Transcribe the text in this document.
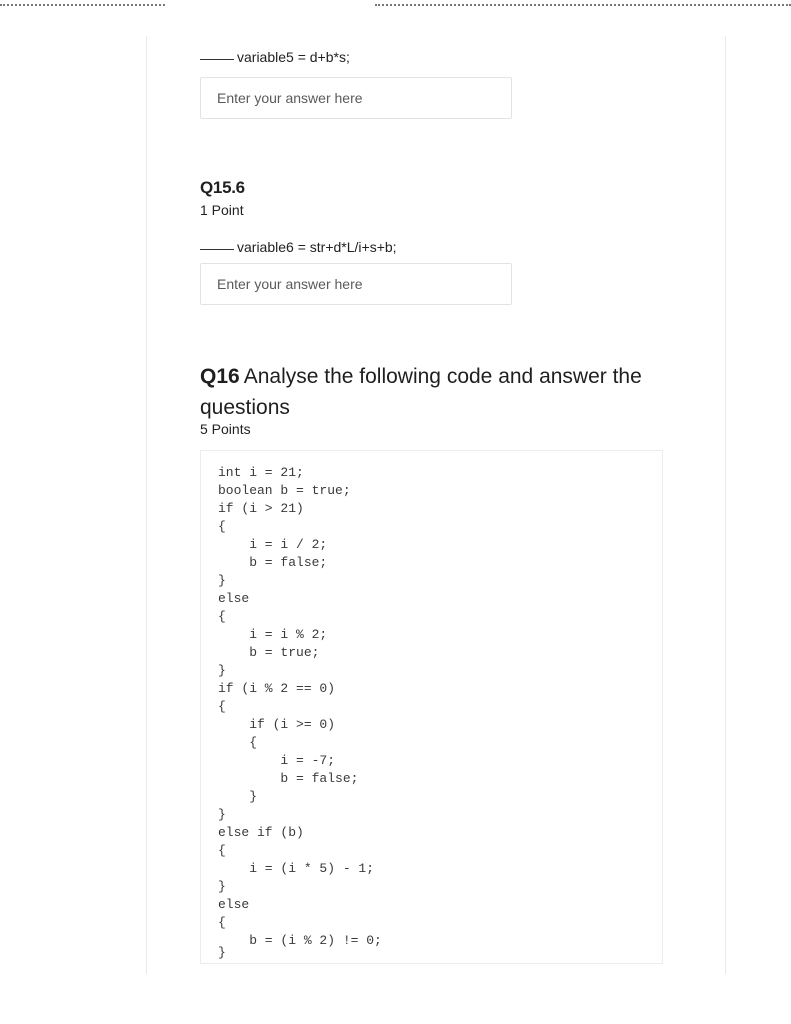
variable5 = d+b*s;
Enter your answer here
Q15.6
1 Point
variable6 = str+d*L/i+s+b;
Enter your answer here
Q16 Analyse the following code and answer the questions
5 Points
int i = 21;
boolean b = true;
if (i > 21)
{
i = i / 2;
b = false;
}
else
{
i = i % 2;
b = true;
}
if (i % 2 == 0)
{
if (i >= 0)
{
i = -7;
b = false;
}
}
else if (b)
{
i = (i * 5) - 1;
}
else
{
b = (i % 2) != 0;
}
